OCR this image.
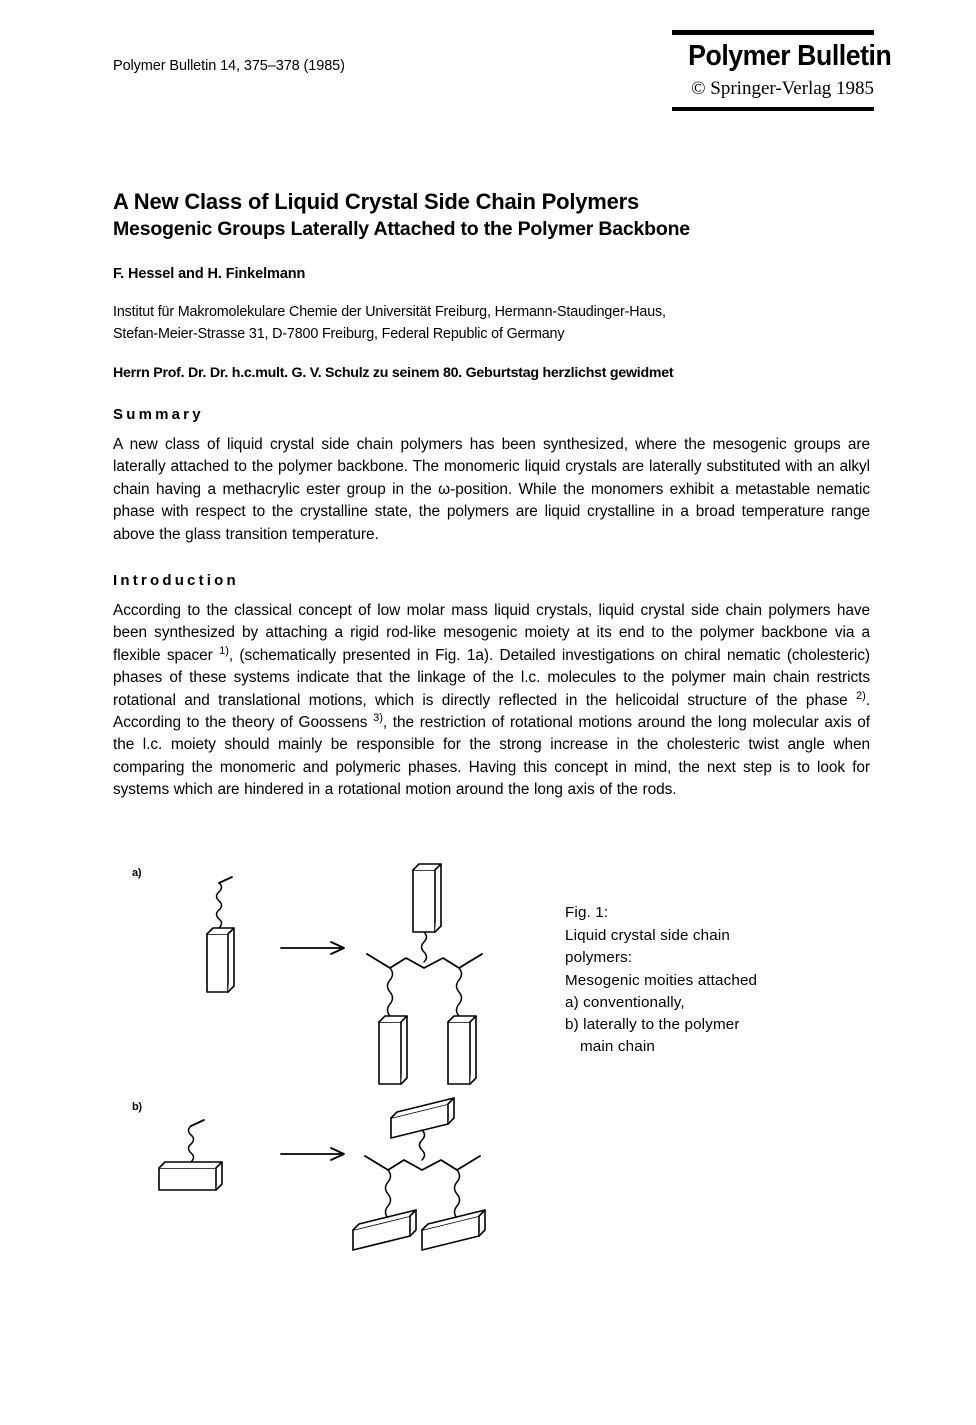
Polymer Bulletin 14, 375–378 (1985)	Polymer Bulletin
© Springer-Verlag 1985
A New Class of Liquid Crystal Side Chain Polymers
Mesogenic Groups Laterally Attached to the Polymer Backbone
F. Hessel and H. Finkelmann
Institut für Makromolekulare Chemie der Universität Freiburg, Hermann-Staudinger-Haus,
Stefan-Meier-Strasse 31, D-7800 Freiburg, Federal Republic of Germany
Herrn Prof. Dr. Dr. h.c.mult. G. V. Schulz zu seinem 80. Geburtstag herzlichst gewidmet
Summary
A new class of liquid crystal side chain polymers has been synthesized, where the mesogenic groups are laterally attached to the polymer backbone. The monomeric liquid crystals are laterally substituted with an alkyl chain having a methacrylic ester group in the ω-position. While the monomers exhibit a metastable nematic phase with respect to the crystalline state, the polymers are liquid crystalline in a broad temperature range above the glass transition temperature.
Introduction
According to the classical concept of low molar mass liquid crystals, liquid crystal side chain polymers have been synthesized by attaching a rigid rod-like mesogenic moiety at its end to the polymer backbone via a flexible spacer $^{1)}$, (schematically presented in Fig. 1a). Detailed investigations on chiral nematic (cholesteric) phases of these systems indicate that the linkage of the l.c. molecules to the polymer main chain restricts rotational and translational motions, which is directly reflected in the helicoidal structure of the phase $^{2)}$. According to the theory of Goossens $^{3)}$, the restriction of rotational motions around the long molecular axis of the l.c. moiety should mainly be responsible for the strong increase in the cholesteric twist angle when comparing the monomeric and polymeric phases. Having this concept in mind, the next step is to look for systems which are hindered in a rotational motion around the long axis of the rods.
a)
b)
Fig. 1:
Liquid crystal side chain
polymers:
Mesogenic moities attached
a) conventionally,
b) laterally to the polymer
main chain
